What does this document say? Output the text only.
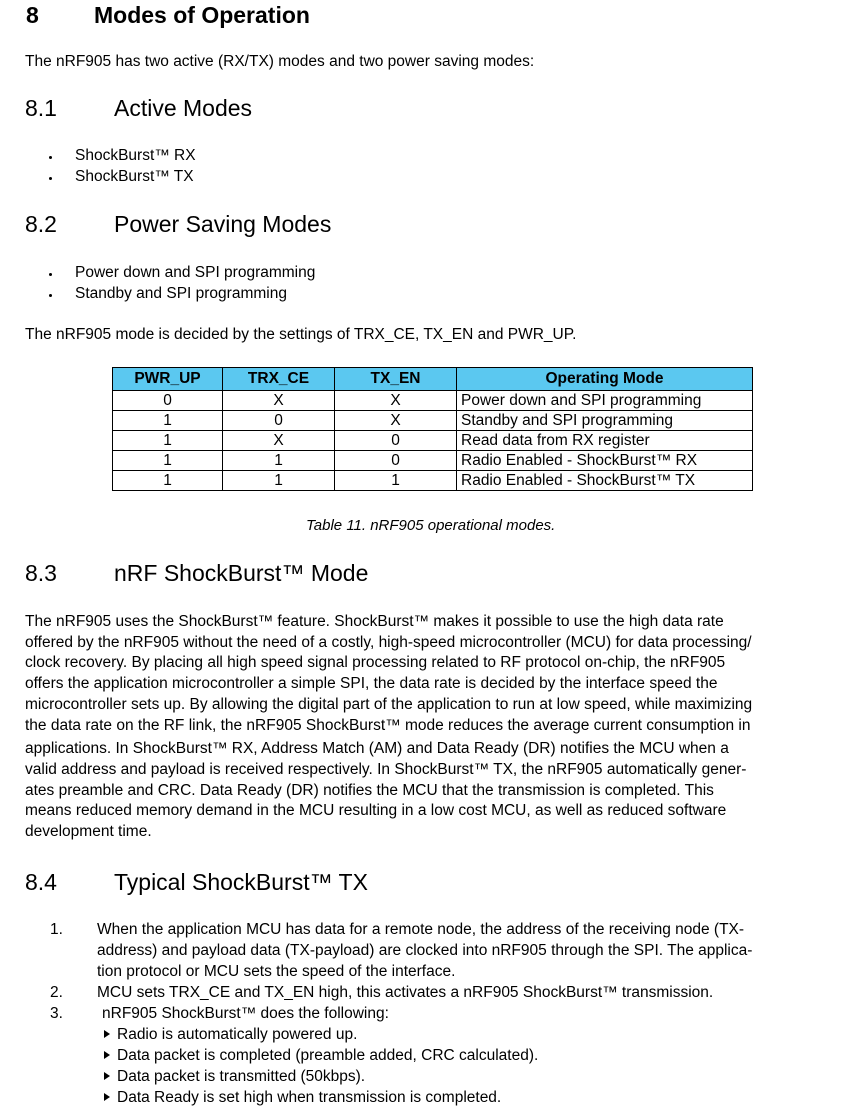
8 Modes of Operation
The nRF905 has two active (RX/TX) modes and two power saving modes:
8.1 Active Modes
ShockBurst™ RX
ShockBurst™ TX
8.2 Power Saving Modes
Power down and SPI programming
Standby and SPI programming
The nRF905 mode is decided by the settings of TRX_CE, TX_EN and PWR_UP.
PWR_UP	TRX_CE	TX_EN	Operating Mode
0	X	X	Power down and SPI programming
1	0	X	Standby and SPI programming
1	X	0	Read data from RX register
1	1	0	Radio Enabled - ShockBurst™ RX
1	1	1	Radio Enabled - ShockBurst™ TX
Table 11. nRF905 operational modes.
8.3 nRF ShockBurst™ Mode
The nRF905 uses the ShockBurst™ feature. ShockBurst™ makes it possible to use the high data rate
offered by the nRF905 without the need of a costly, high-speed microcontroller (MCU) for data processing/
clock recovery. By placing all high speed signal processing related to RF protocol on-chip, the nRF905
offers the application microcontroller a simple SPI, the data rate is decided by the interface speed the
microcontroller sets up. By allowing the digital part of the application to run at low speed, while maximizing
the data rate on the RF link, the nRF905 ShockBurst™ mode reduces the average current consumption in
applications. In ShockBurst™ RX, Address Match (AM) and Data Ready (DR) notifies the MCU when a
valid address and payload is received respectively. In ShockBurst™ TX, the nRF905 automatically gener-
ates preamble and CRC. Data Ready (DR) notifies the MCU that the transmission is completed. This
means reduced memory demand in the MCU resulting in a low cost MCU, as well as reduced software
development time.
8.4 Typical ShockBurst™ TX
1. When the application MCU has data for a remote node, the address of the receiving node (TX-
address) and payload data (TX-payload) are clocked into nRF905 through the SPI. The applica-
tion protocol or MCU sets the speed of the interface.
2. MCU sets TRX_CE and TX_EN high, this activates a nRF905 ShockBurst™ transmission.
3.	nRF905 ShockBurst™ does the following:
Radio is automatically powered up.
Data packet is completed (preamble added, CRC calculated).
Data packet is transmitted (50kbps).
Data Ready is set high when transmission is completed.
